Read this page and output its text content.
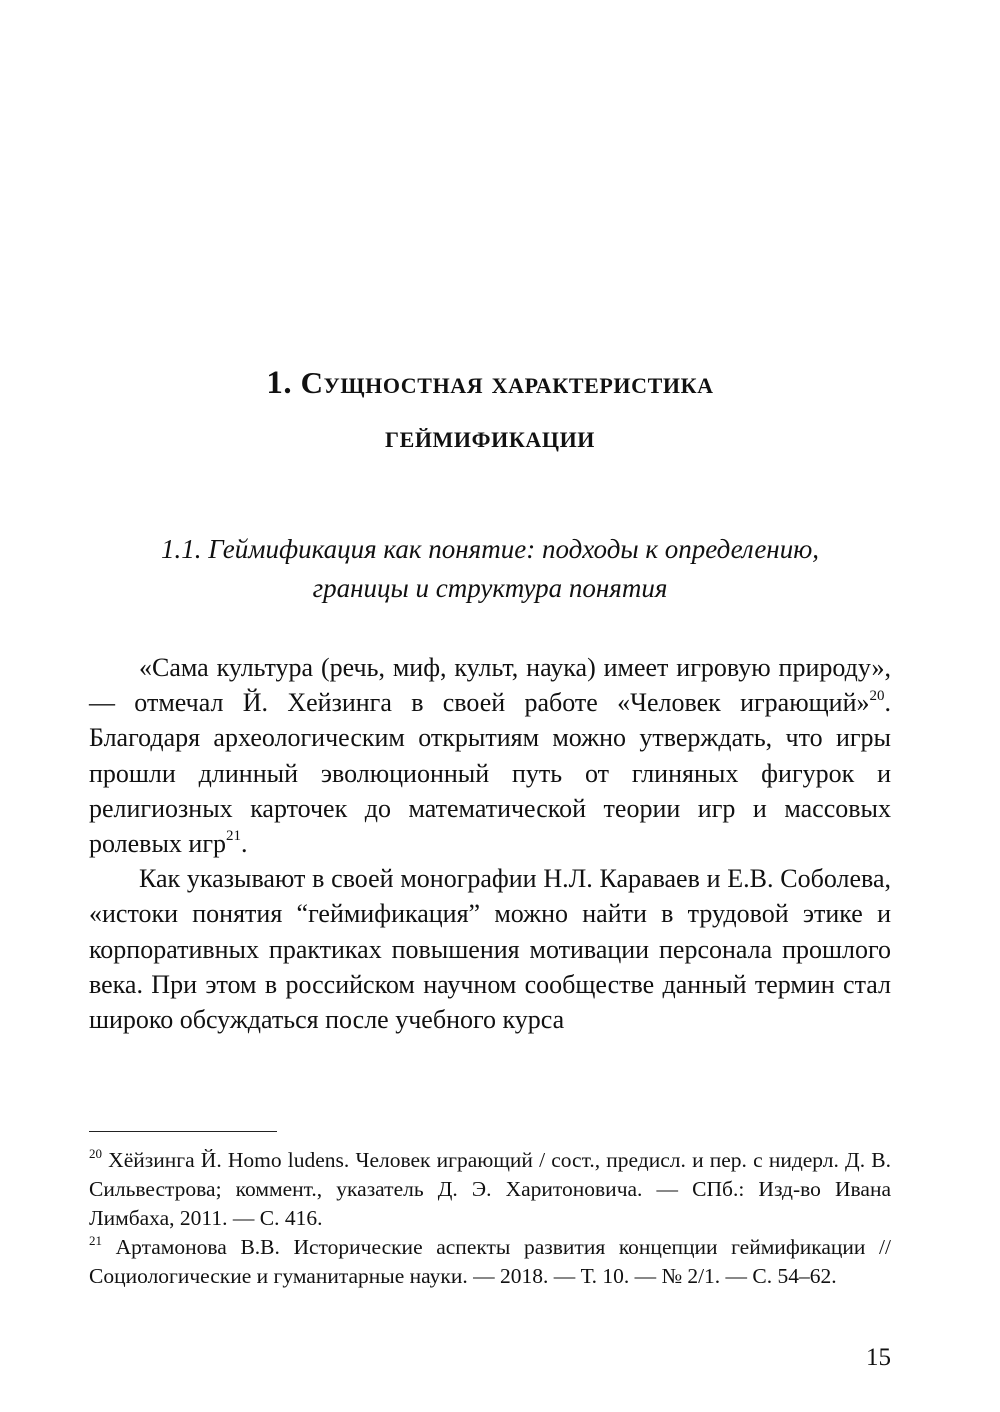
1. Сущностная характеристика
геймификации
1.1. Геймификация как понятие: подходы к определению,
границы и структура понятия

«Сама культура (речь, миф, культ, наука) имеет игровую природу», — отмечал Й. Хейзинга в своей работе «Человек играющий»$^{20}$. Благодаря археологическим открытиям можно утверждать, что игры прошли длинный эволюционный путь от глиняных фигурок и религиозных карточек до математической теории игр и массовых ролевых игр$^{21}$.

Как указывают в своей монографии Н.Л. Караваев и Е.В. Соболева, «истоки понятия “геймификация” можно найти в трудовой этике и корпоративных практиках повышения мотивации персонала прошлого века. При этом в российском научном сообществе данный термин стал широко обсуждаться после учебного курса

$^{20}$ Хёйзинга Й. Homo ludens. Человек играющий / сост., предисл. и пер. с нидерл. Д. В. Сильвестрова; коммент., указатель Д. Э. Харитоновича. — СПб.: Изд-во Ивана Лимбаха, 2011. — С. 416.

$^{21}$ Артамонова В.В. Исторические аспекты развития концепции геймификации // Социологические и гуманитарные науки. — 2018. — Т. 10. — № 2/1. — С. 54–62.

15
